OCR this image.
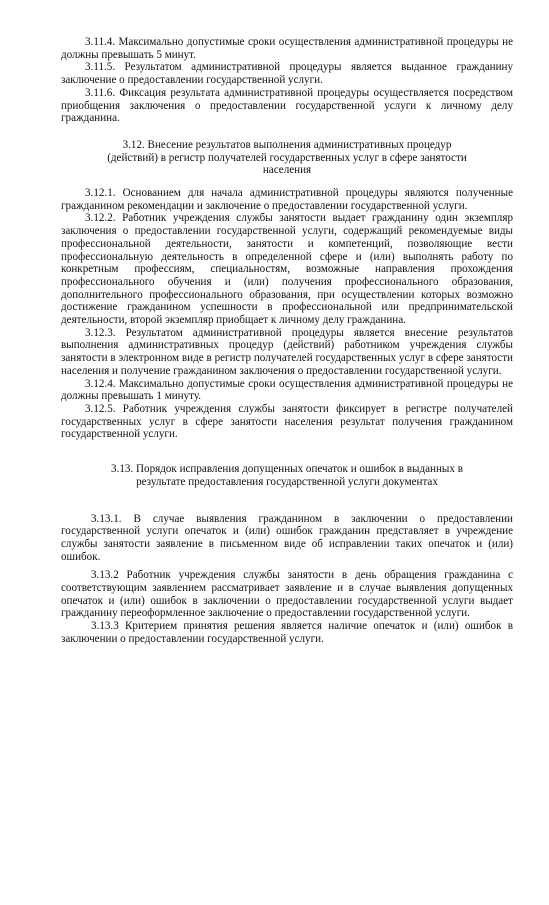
3.11.4. Максимально допустимые сроки осуществления административной процедуры не должны превышать 5 минут.

3.11.5. Результатом административной процедуры является выданное гражданину заключение о предоставлении государственной услуги.

3.11.6. Фиксация результата административной процедуры осуществляется посредством приобщения заключения о предоставлении государственной услуги к личному делу гражданина.

3.12. Внесение результатов выполнения административных процедур (действий) в регистр получателей государственных услуг в сфере занятости населения

3.12.1. Основанием для начала административной процедуры являются полученные гражданином рекомендации и заключение о предоставлении государственной услуги.

3.12.2. Работник учреждения службы занятости выдает гражданину один экземпляр заключения о предоставлении государственной услуги, содержащий рекомендуемые виды профессиональной деятельности, занятости и компетенций, позволяющие вести профессиональную деятельность в определенной сфере и (или) выполнять работу по конкретным профессиям, специальностям, возможные направления прохождения профессионального обучения и (или) получения профессионального образования, дополнительного профессионального образования, при осуществлении которых возможно достижение гражданином успешности в профессиональной или предпринимательской деятельности, второй экземпляр приобщает к личному делу гражданина.

3.12.3. Результатом административной процедуры является внесение результатов выполнения административных процедур (действий) работником учреждения службы занятости в электронном виде в регистр получателей государственных услуг в сфере занятости населения и получение гражданином заключения о предоставлении государственной услуги.

3.12.4. Максимально допустимые сроки осуществления административной процедуры не должны превышать 1 минуту.

3.12.5. Работник учреждения службы занятости фиксирует в регистре получателей государственных услуг в сфере занятости населения результат получения гражданином государственной услуги.

3.13. Порядок исправления допущенных опечаток и ошибок в выданных в результате предоставления государственной услуги документах

3.13.1. В случае выявления гражданином в заключении о предоставлении государственной услуги опечаток и (или) ошибок гражданин представляет в учреждение службы занятости заявление в письменном виде об исправлении таких опечаток и (или) ошибок.

3.13.2 Работник учреждения службы занятости в день обращения гражданина с соответствующим заявлением рассматривает заявление и в случае выявления допущенных опечаток и (или) ошибок в заключении о предоставлении государственной услуги выдает гражданину переоформленное заключение о предоставлении государственной услуги.

3.13.3 Критерием принятия решения является наличие опечаток и (или) ошибок в заключении о предоставлении государственной услуги.
